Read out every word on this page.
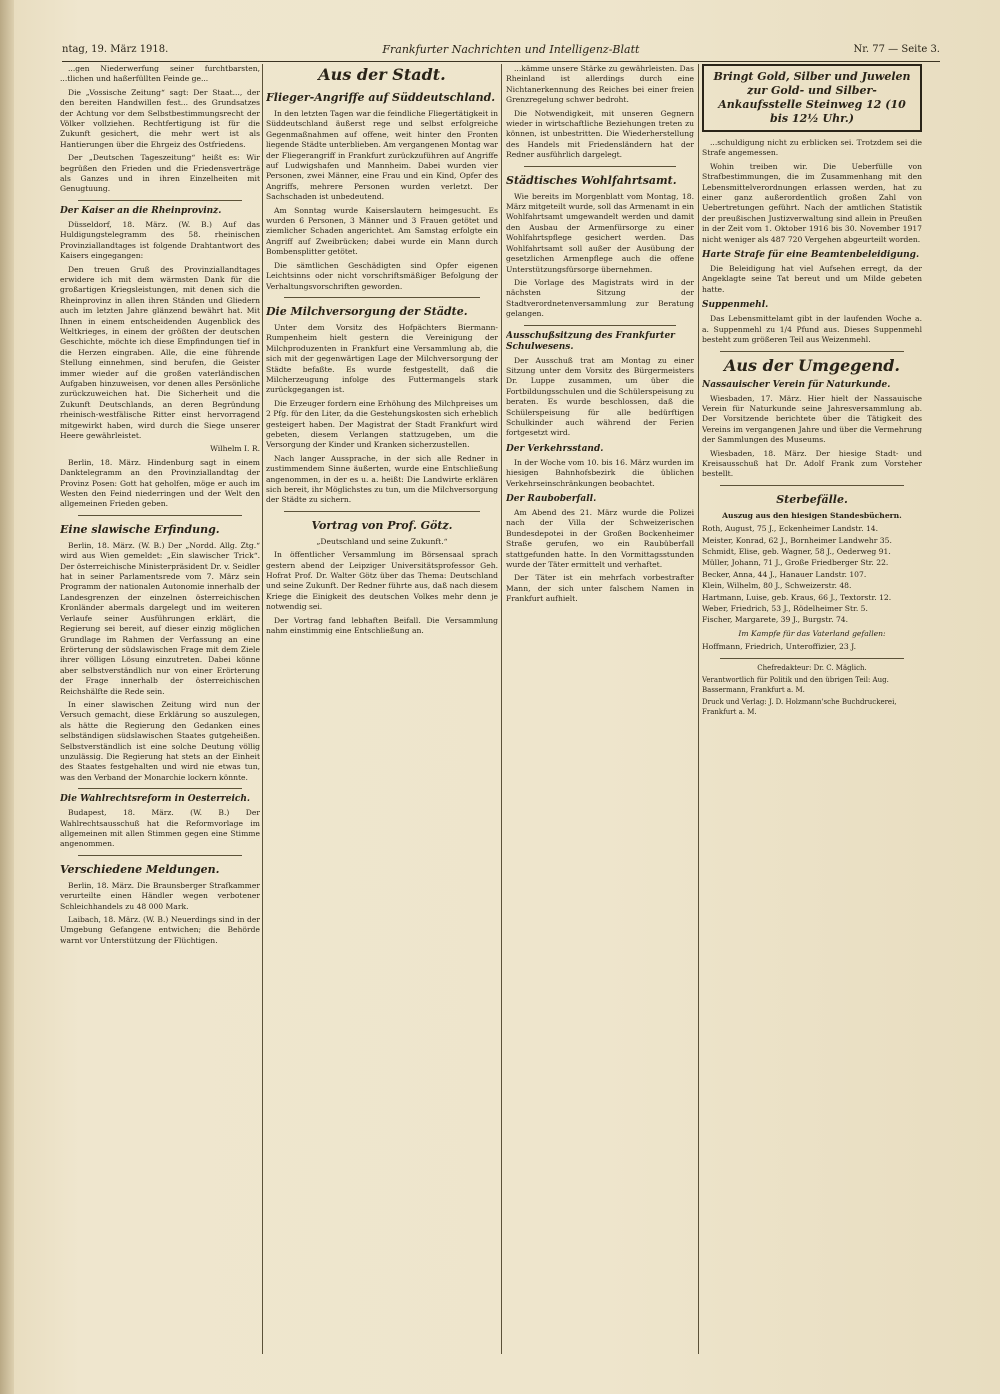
ntag, 19. März 1918.	Frankfurter Nachrichten und Intelligenz-Blatt	Nr. 77 — Seite 3.

...gen Niederwerfung seiner furchtbarsten, ...tlichen und haßerfüllten Feinde ge...

Die „Vossische Zeitung“ sagt: Der Staat..., der den bereiten Handwillen fest... des Grundsatzes der Achtung vor dem Selbstbestimmungsrecht der Völker vollziehen. Rechtfertigung ist für die Zukunft gesichert, die mehr wert ist als Hantierungen über die Ehrgeiz des Ostfriedens.

Der „Deutschen Tageszeitung“ heißt es: Wir begrüßen den Frieden und die Friedensverträge als Ganzes und in ihren Einzelheiten mit Genugtuung.

Der Kaiser an die Rheinprovinz.

Düsseldorf, 18. März. (W. B.) Auf das Huldigungstelegramm des 58. rheinischen Provinziallandtages ist folgende Drahtantwort des Kaisers eingegangen:

Den treuen Gruß des Provinziallandtages erwidere ich mit dem wärmsten Dank für die großartigen Kriegsleistungen, mit denen sich die Rheinprovinz in allen ihren Ständen und Gliedern auch im letzten Jahre glänzend bewährt hat. Mit Ihnen in einem entscheidenden Augenblick des Weltkrieges, in einem der größten der deutschen Geschichte, möchte ich diese Empfindungen tief in die Herzen eingraben. Alle, die eine führende Stellung einnehmen, sind berufen, die Geister immer wieder auf die großen vaterländischen Aufgaben hinzuweisen, vor denen alles Persönliche zurückzuweichen hat. Die Sicherheit und die Zukunft Deutschlands, an deren Begründung rheinisch-westfälische Ritter einst hervorragend mitgewirkt haben, wird durch die Siege unserer Heere gewährleistet.

Wilhelm I. R.

Berlin, 18. März. Hindenburg sagt in einem Danktelegramm an den Provinziallandtag der Provinz Posen: Gott hat geholfen, möge er auch im Westen den Feind niederringen und der Welt den allgemeinen Frieden geben.

Eine slawische Erfindung.

Berlin, 18. März. (W. B.) Der „Nordd. Allg. Ztg.“ wird aus Wien gemeldet: „Ein slawischer Trick“. Der österreichische Ministerpräsident Dr. v. Seidler hat in seiner Parlamentsrede vom 7. März sein Programm der nationalen Autonomie innerhalb der Landesgrenzen der einzelnen österreichischen Kronländer abermals dargelegt und im weiteren Verlaufe seiner Ausführungen erklärt, die Regierung sei bereit, auf dieser einzig möglichen Grundlage im Rahmen der Verfassung an eine Erörterung der südslawischen Frage mit dem Ziele ihrer völligen Lösung einzutreten. Dabei könne aber selbstverständlich nur von einer Erörterung der Frage innerhalb der österreichischen Reichshälfte die Rede sein.

In einer slawischen Zeitung wird nun der Versuch gemacht, diese Erklärung so auszulegen, als hätte die Regierung den Gedanken eines selbständigen südslawischen Staates gutgeheißen. Selbstverständlich ist eine solche Deutung völlig unzulässig. Die Regierung hat stets an der Einheit des Staates festgehalten und wird nie etwas tun, was den Verband der Monarchie lockern könnte.

Die Wahlrechtsreform in Oesterreich.

Budapest, 18. März. (W. B.) Der Wahlrechtsausschuß hat die Reformvorlage im allgemeinen mit allen Stimmen gegen eine Stimme angenommen.

Verschiedene Meldungen.

Berlin, 18. März. Die Braunsberger Strafkammer verurteilte einen Händler wegen verbotener Schleichhandels zu 48 000 Mark.

Laibach, 18. März. (W. B.) Neuerdings sind in der Umgebung Gefangene entwichen; die Behörde warnt vor Unterstützung der Flüchtigen.

Aus der Stadt.
Flieger-Angriffe auf Süddeutschland.

In den letzten Tagen war die feindliche Fliegertätigkeit in Süddeutschland äußerst rege und selbst erfolgreiche Gegenmaßnahmen auf offene, weit hinter den Fronten liegende Städte unterblieben. Am vergangenen Montag war der Fliegerangriff in Frankfurt zurückzuführen auf Angriffe auf Ludwigshafen und Mannheim. Dabei wurden vier Personen, zwei Männer, eine Frau und ein Kind, Opfer des Angriffs, mehrere Personen wurden verletzt. Der Sachschaden ist unbedeutend.

Am Sonntag wurde Kaiserslautern heimgesucht. Es wurden 6 Personen, 3 Männer und 3 Frauen getötet und ziemlicher Schaden angerichtet. Am Samstag erfolgte ein Angriff auf Zweibrücken; dabei wurde ein Mann durch Bombensplitter getötet.

Die sämtlichen Geschädigten sind Opfer eigenen Leichtsinns oder nicht vorschriftsmäßiger Befolgung der Verhaltungsvorschriften geworden.

Die Milchversorgung der Städte.

Unter dem Vorsitz des Hofpächters Biermann-Rumpenheim hielt gestern die Vereinigung der Milchproduzenten in Frankfurt eine Versammlung ab, die sich mit der gegenwärtigen Lage der Milchversorgung der Städte befaßte. Es wurde festgestellt, daß die Milcherzeugung infolge des Futtermangels stark zurückgegangen ist.

Die Erzeuger fordern eine Erhöhung des Milchpreises um 2 Pfg. für den Liter, da die Gestehungskosten sich erheblich gesteigert haben. Der Magistrat der Stadt Frankfurt wird gebeten, diesem Verlangen stattzugeben, um die Versorgung der Kinder und Kranken sicherzustellen.

Nach langer Aussprache, in der sich alle Redner in zustimmendem Sinne äußerten, wurde eine Entschließung angenommen, in der es u. a. heißt: Die Landwirte erklären sich bereit, ihr Möglichstes zu tun, um die Milchversorgung der Städte zu sichern.

Vortrag von Prof. Götz.

„Deutschland und seine Zukunft.“

In öffentlicher Versammlung im Börsensaal sprach gestern abend der Leipziger Universitätsprofessor Geh. Hofrat Prof. Dr. Walter Götz über das Thema: Deutschland und seine Zukunft. Der Redner führte aus, daß nach diesem Kriege die Einigkeit des deutschen Volkes mehr denn je notwendig sei.

Der Vortrag fand lebhaften Beifall. Die Versammlung nahm einstimmig eine Entschließung an.

...kämme unsere Stärke zu gewährleisten. Das Rheinland ist allerdings durch eine Nichtanerkennung des Reiches bei einer freien Grenzregelung schwer bedroht.

Die Notwendigkeit, mit unseren Gegnern wieder in wirtschaftliche Beziehungen treten zu können, ist unbestritten. Die Wiederherstellung des Handels mit Friedensländern hat der Redner ausführlich dargelegt.

Städtisches Wohlfahrtsamt.

Wie bereits im Morgenblatt vom Montag, 18. März mitgeteilt wurde, soll das Armenamt in ein Wohlfahrtsamt umgewandelt werden und damit den Ausbau der Armenfürsorge zu einer Wohlfahrtspflege gesichert werden. Das Wohlfahrtsamt soll außer der Ausübung der gesetzlichen Armenpflege auch die offene Unterstützungsfürsorge übernehmen.

Die Vorlage des Magistrats wird in der nächsten Sitzung der Stadtverordnetenversammlung zur Beratung gelangen.

Ausschußsitzung des Frankfurter Schulwesens.

Der Ausschuß trat am Montag zu einer Sitzung unter dem Vorsitz des Bürgermeisters Dr. Luppe zusammen, um über die Fortbildungsschulen und die Schülerspeisung zu beraten. Es wurde beschlossen, daß die Schülerspeisung für alle bedürftigen Schulkinder auch während der Ferien fortgesetzt wird.

Der Verkehrsstand.

In der Woche vom 10. bis 16. März wurden im hiesigen Bahnhofsbezirk die üblichen Verkehrseinschränkungen beobachtet.

Der Rauboberfall.

Am Abend des 21. März wurde die Polizei nach der Villa der Schweizerischen Bundesdepotei in der Großen Bockenheimer Straße gerufen, wo ein Raubüberfall stattgefunden hatte. In den Vormittagsstunden wurde der Täter ermittelt und verhaftet.

Der Täter ist ein mehrfach vorbestrafter Mann, der sich unter falschem Namen in Frankfurt aufhielt.

Bringt Gold, Silber und Juwelen zur Gold- und Silber-Ankaufsstelle Steinweg 12 (10 bis 12½ Uhr.)

...schuldigung nicht zu erblicken sei. Trotzdem sei die Strafe angemessen.

Wohin treiben wir. Die Ueberfülle von Strafbestimmungen, die im Zusammenhang mit den Lebensmittelverordnungen erlassen werden, hat zu einer ganz außerordentlich großen Zahl von Uebertretungen geführt. Nach der amtlichen Statistik der preußischen Justizverwaltung sind allein in Preußen in der Zeit vom 1. Oktober 1916 bis 30. November 1917 nicht weniger als 487 720 Vergehen abgeurteilt worden.

Harte Strafe für eine Beamtenbeleidigung.

Die Beleidigung hat viel Aufsehen erregt, da der Angeklagte seine Tat bereut und um Milde gebeten hatte.

Suppenmehl.

Das Lebensmittelamt gibt in der laufenden Woche a. a. Suppenmehl zu 1/4 Pfund aus. Dieses Suppenmehl besteht zum größeren Teil aus Weizenmehl.

Aus der Umgegend.
Nassauischer Verein für Naturkunde.

Wiesbaden, 17. März. Hier hielt der Nassauische Verein für Naturkunde seine Jahresversammlung ab. Der Vorsitzende berichtete über die Tätigkeit des Vereins im vergangenen Jahre und über die Vermehrung der Sammlungen des Museums.

Wiesbaden, 18. März. Der hiesige Stadt- und Kreisausschuß hat Dr. Adolf Frank zum Vorsteher bestellt.

Sterbefälle.

Auszug aus den hiesigen Standesbüchern.

Roth, August, 75 J., Eckenheimer Landstr. 14.

Meister, Konrad, 62 J., Bornheimer Landwehr 35.

Schmidt, Elise, geb. Wagner, 58 J., Oederweg 91.

Müller, Johann, 71 J., Große Friedberger Str. 22.

Becker, Anna, 44 J., Hanauer Landstr. 107.

Klein, Wilhelm, 80 J., Schweizerstr. 48.

Hartmann, Luise, geb. Kraus, 66 J., Textorstr. 12.

Weber, Friedrich, 53 J., Rödelheimer Str. 5.

Fischer, Margarete, 39 J., Burgstr. 74.

Im Kampfe für das Vaterland gefallen:

Hoffmann, Friedrich, Unteroffizier, 23 J.

Chefredakteur: Dr. C. Mäglich.

Verantwortlich für Politik und den übrigen Teil: Aug. Bassermann, Frankfurt a. M.

Druck und Verlag: J. D. Holzmann'sche Buchdruckerei, Frankfurt a. M.
